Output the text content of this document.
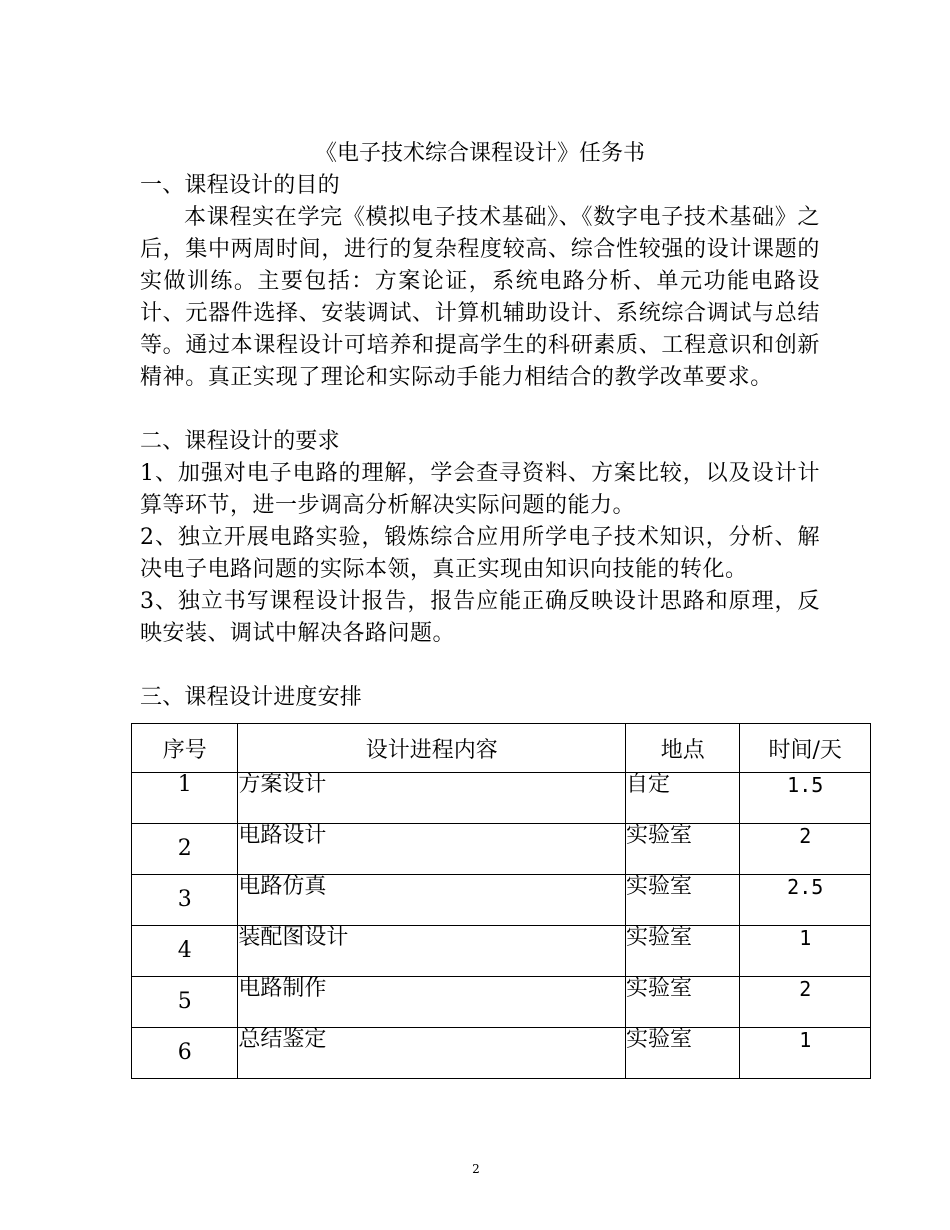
《电子技术综合课程设计》任务书
一、课程设计的目的
本课程实在学完《模拟电子技术基础》、《数字电子技术基础》之后，集中两周时间，进行的复杂程度较高、综合性较强的设计课题的实做训练。主要包括：方案论证，系统电路分析、单元功能电路设计、元器件选择、安装调试、计算机辅助设计、系统综合调试与总结等。通过本课程设计可培养和提高学生的科研素质、工程意识和创新精神。真正实现了理论和实际动手能力相结合的教学改革要求。
二、课程设计的要求

1、加强对电子电路的理解，学会查寻资料、方案比较，以及设计计算等环节，进一步调高分析解决实际问题的能力。

2、独立开展电路实验，锻炼综合应用所学电子技术知识，分析、解决电子电路问题的实际本领，真正实现由知识向技能的转化。

3、独立书写课程设计报告，报告应能正确反映设计思路和原理，反映安装、调试中解决各路问题。

三、课程设计进度安排
序号	设计进程内容	地点	时间/天

1	方案设计	自定	1.5

2	电路设计	实验室	2

3	电路仿真	实验室	2.5

4	装配图设计	实验室	1

5	电路制作	实验室	2

6	总结鉴定	实验室	1
2
